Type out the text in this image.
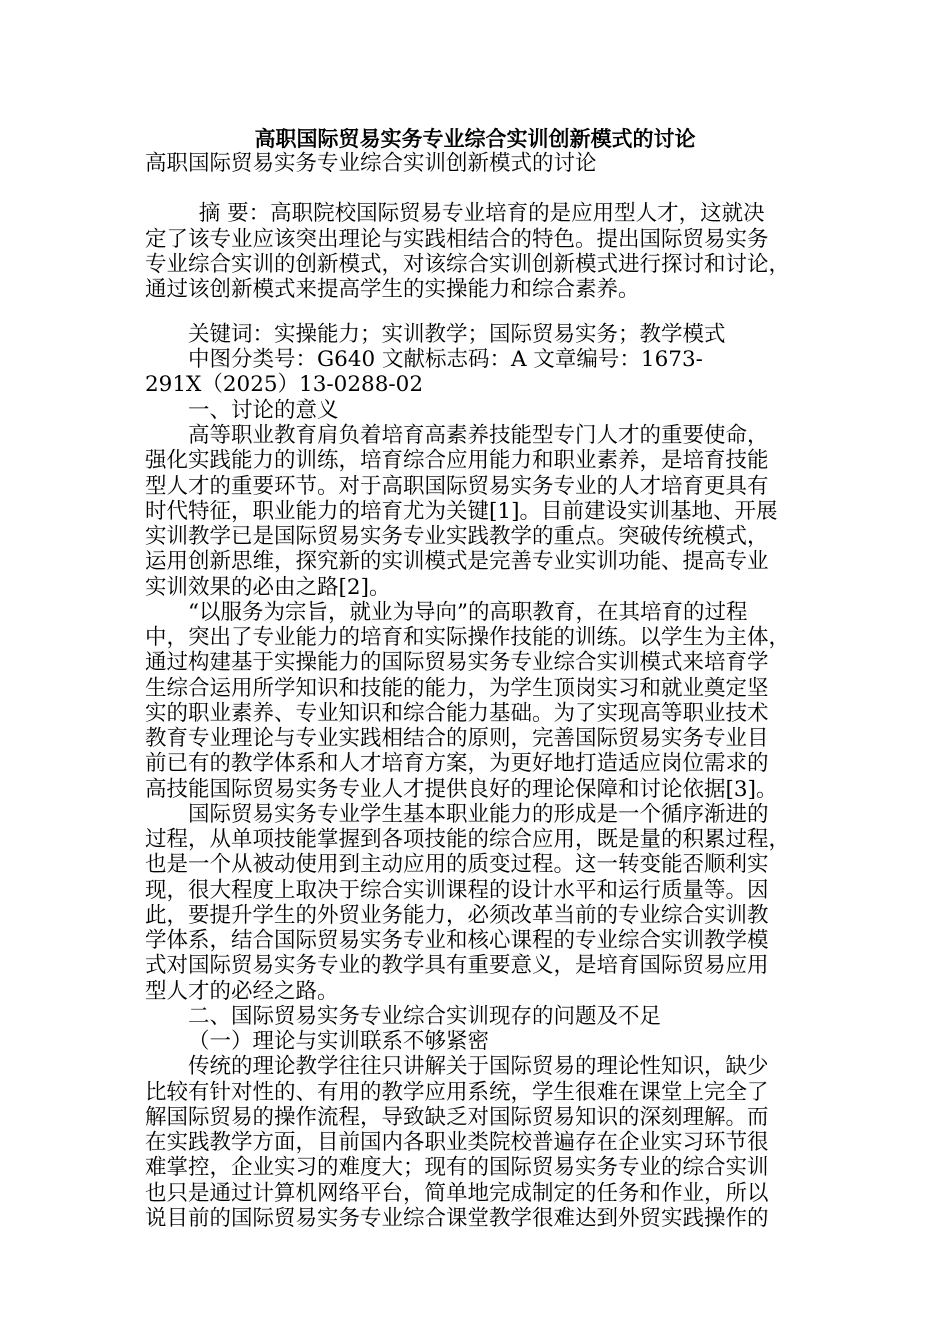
高职国际贸易实务专业综合实训创新模式的讨论
高职国际贸易实务专业综合实训创新模式的讨论
摘 要：高职院校国际贸易专业培育的是应用型人才，这就决
定了该专业应该突出理论与实践相结合的特色。提出国际贸易实务
专业综合实训的创新模式，对该综合实训创新模式进行探讨和讨论，
通过该创新模式来提高学生的实操能力和综合素养。
关键词：实操能力；实训教学；国际贸易实务；教学模式
中图分类号：G640 文献标志码：A 文章编号：1673-
291X（2025）13-0288-02
一、讨论的意义
高等职业教育肩负着培育高素养技能型专门人才的重要使命，
强化实践能力的训练，培育综合应用能力和职业素养，是培育技能
型人才的重要环节。对于高职国际贸易实务专业的人才培育更具有
时代特征，职业能力的培育尤为关键[1]。目前建设实训基地、开展
实训教学已是国际贸易实务专业实践教学的重点。突破传统模式，
运用创新思维，探究新的实训模式是完善专业实训功能、提高专业
实训效果的必由之路[2]。
“以服务为宗旨，就业为导向”的高职教育，在其培育的过程
中，突出了专业能力的培育和实际操作技能的训练。以学生为主体，
通过构建基于实操能力的国际贸易实务专业综合实训模式来培育学
生综合运用所学知识和技能的能力，为学生顶岗实习和就业奠定坚
实的职业素养、专业知识和综合能力基础。为了实现高等职业技术
教育专业理论与专业实践相结合的原则，完善国际贸易实务专业目
前已有的教学体系和人才培育方案，为更好地打造适应岗位需求的
高技能国际贸易实务专业人才提供良好的理论保障和讨论依据[3]。
国际贸易实务专业学生基本职业能力的形成是一个循序渐进的
过程，从单项技能掌握到各项技能的综合应用，既是量的积累过程，
也是一个从被动使用到主动应用的质变过程。这一转变能否顺利实
现，很大程度上取决于综合实训课程的设计水平和运行质量等。因
此，要提升学生的外贸业务能力，必须改革当前的专业综合实训教
学体系，结合国际贸易实务专业和核心课程的专业综合实训教学模
式对国际贸易实务专业的教学具有重要意义，是培育国际贸易应用
型人才的必经之路。
二、国际贸易实务专业综合实训现存的问题及不足
（一）理论与实训联系不够紧密
传统的理论教学往往只讲解关于国际贸易的理论性知识，缺少
比较有针对性的、有用的教学应用系统，学生很难在课堂上完全了
解国际贸易的操作流程，导致缺乏对国际贸易知识的深刻理解。而
在实践教学方面，目前国内各职业类院校普遍存在企业实习环节很
难掌控，企业实习的难度大；现有的国际贸易实务专业的综合实训
也只是通过计算机网络平台，简单地完成制定的任务和作业，所以
说目前的国际贸易实务专业综合课堂教学很难达到外贸实践操作的
